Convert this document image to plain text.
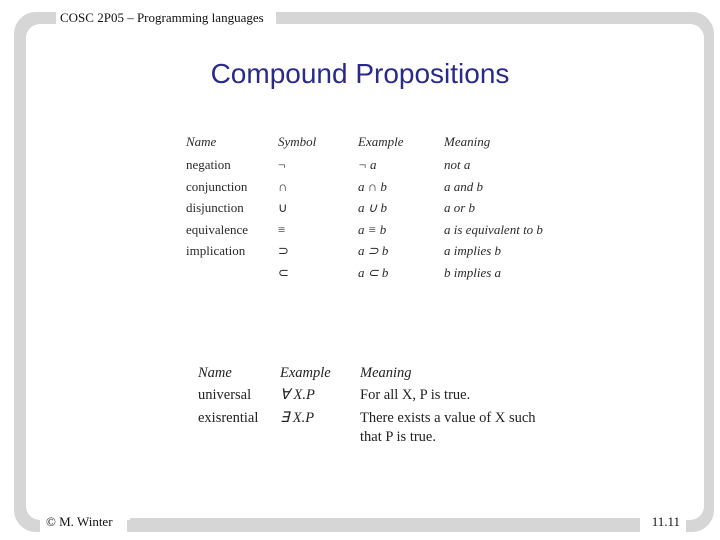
COSC 2P05 – Programming languages
Compound Propositions
Name	Symbol	Example	Meaning
negation	¬	¬ a	not a
conjunction	∩	a ∩ b	a and b
disjunction	∪	a ∪ b	a or b
equivalence	≡	a ≡ b	a is equivalent to b
implication	⊃	a ⊃ b	a implies b
	⊂	a ⊂ b	b implies a
Name	Example	Meaning
universal	∀ X.P	For all X, P is true.
exisrential	∃ X.P	There exists a value of X such that P is true.
© M. Winter	11.11
